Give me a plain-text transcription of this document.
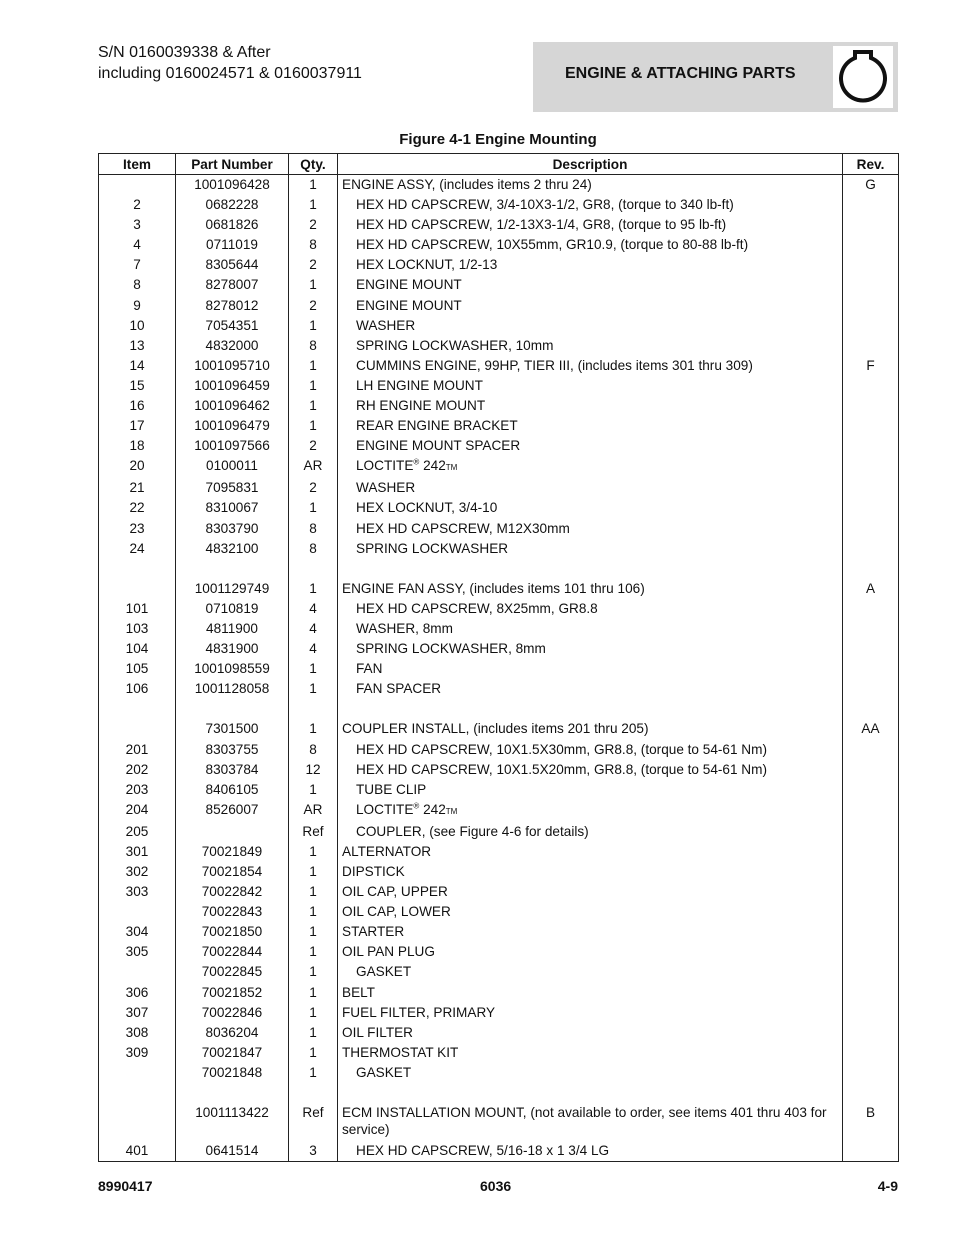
S/N 0160039338 & After
including 0160024571 & 0160037911	ENGINE & ATTACHING PARTS
Figure 4-1 Engine Mounting
Item	Part Number	Qty.	Description	Rev.
	1001096428	1	ENGINE ASSY, (includes items 2 thru 24)	G
2	0682228	1	HEX HD CAPSCREW, 3/4-10X3-1/2, GR8, (torque to 340 lb-ft)	
3	0681826	2	HEX HD CAPSCREW, 1/2-13X3-1/4, GR8, (torque to 95 lb-ft)	
4	0711019	8	HEX HD CAPSCREW, 10X55mm, GR10.9, (torque to 80-88 lb-ft)	
7	8305644	2	HEX LOCKNUT, 1/2-13	
8	8278007	1	ENGINE MOUNT	
9	8278012	2	ENGINE MOUNT	
10	7054351	1	WASHER	
13	4832000	8	SPRING LOCKWASHER, 10mm	
14	1001095710	1	CUMMINS ENGINE, 99HP, TIER III, (includes items 301 thru 309)	F
15	1001096459	1	LH ENGINE MOUNT	
16	1001096462	1	RH ENGINE MOUNT	
17	1001096479	1	REAR ENGINE BRACKET	
18	1001097566	2	ENGINE MOUNT SPACER	
20	0100011	AR	LOCTITE® 242TM	
21	7095831	2	WASHER	
22	8310067	1	HEX LOCKNUT, 3/4-10	
23	8303790	8	HEX HD CAPSCREW, M12X30mm	
24	4832100	8	SPRING LOCKWASHER	

	1001129749	1	ENGINE FAN ASSY, (includes items 101 thru 106)	A
101	0710819	4	HEX HD CAPSCREW, 8X25mm, GR8.8	
103	4811900	4	WASHER, 8mm	
104	4831900	4	SPRING LOCKWASHER, 8mm	
105	1001098559	1	FAN	
106	1001128058	1	FAN SPACER	

	7301500	1	COUPLER INSTALL, (includes items 201 thru 205)	AA
201	8303755	8	HEX HD CAPSCREW, 10X1.5X30mm, GR8.8, (torque to 54-61 Nm)	
202	8303784	12	HEX HD CAPSCREW, 10X1.5X20mm, GR8.8, (torque to 54-61 Nm)	
203	8406105	1	TUBE CLIP	
204	8526007	AR	LOCTITE® 242TM	
205		Ref	COUPLER, (see Figure 4-6 for details)	
301	70021849	1	ALTERNATOR	
302	70021854	1	DIPSTICK	
303	70022842	1	OIL CAP, UPPER	
	70022843	1	OIL CAP, LOWER	
304	70021850	1	STARTER	
305	70022844	1	OIL PAN PLUG	
	70022845	1	GASKET	
306	70021852	1	BELT	
307	70022846	1	FUEL FILTER, PRIMARY	
308	8036204	1	OIL FILTER	
309	70021847	1	THERMOSTAT KIT	
	70021848	1	GASKET	

	1001113422	Ref	ECM INSTALLATION MOUNT, (not available to order, see items 401 thru 403 for service)	B
401	0641514	3	HEX HD CAPSCREW, 5/16-18 x 1 3/4 LG	
8990417	6036	4-9
